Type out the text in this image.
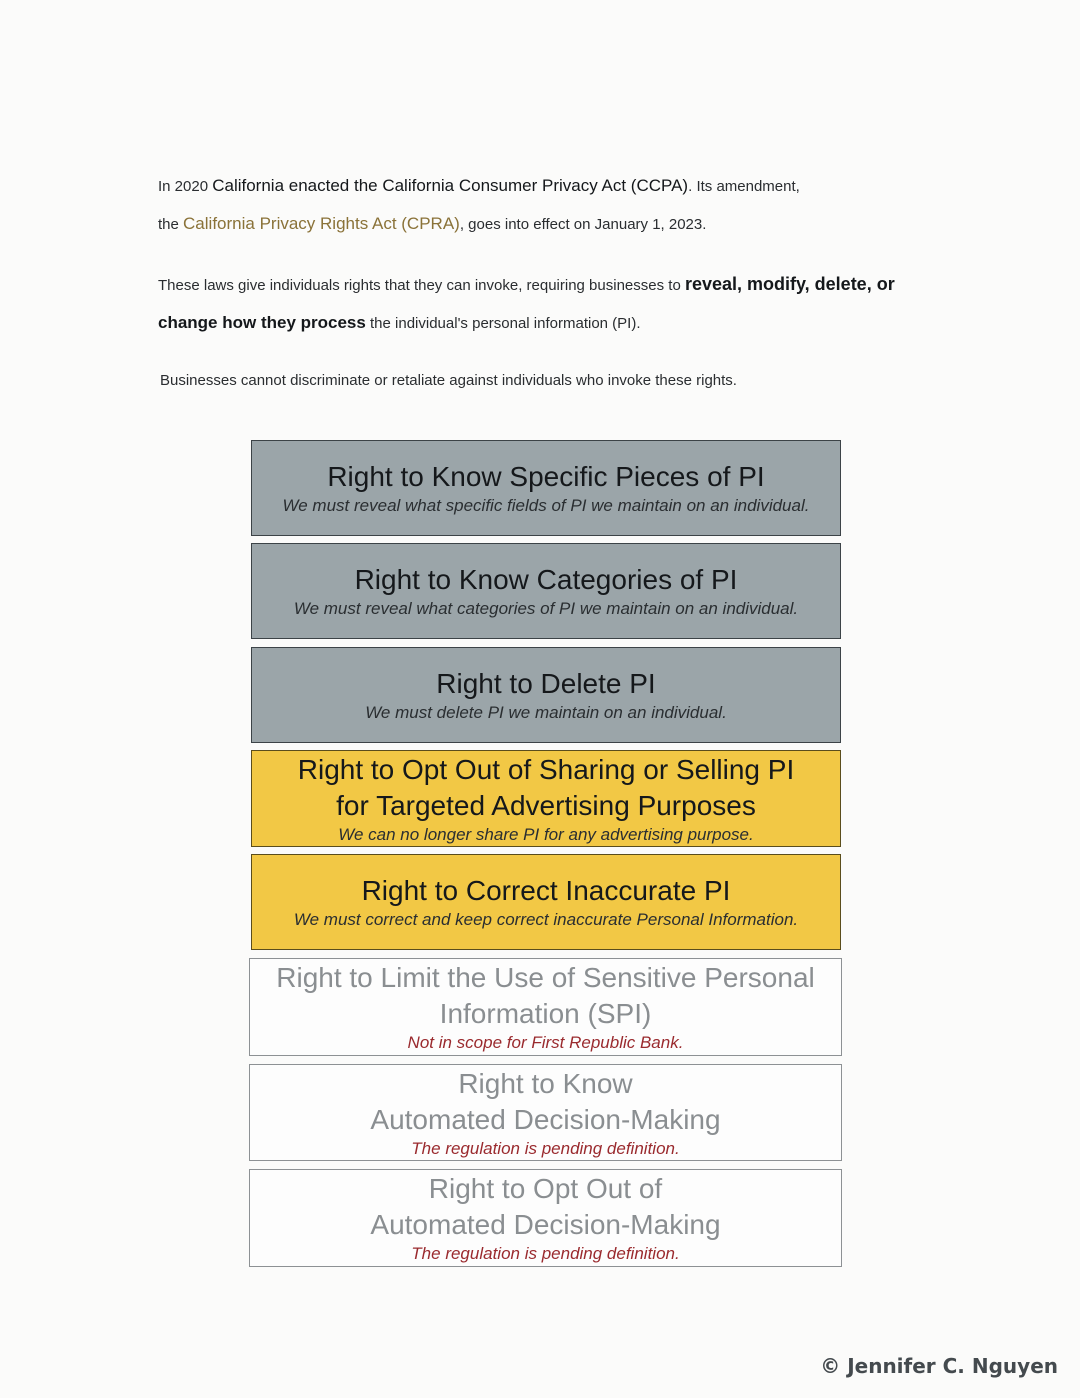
In 2020 California enacted the California Consumer Privacy Act (CCPA). Its amendment,
the California Privacy Rights Act (CPRA), goes into effect on January 1, 2023.
These laws give individuals rights that they can invoke, requiring businesses to reveal, modify, delete, or
change how they process the individual's personal information (PI).
Businesses cannot discriminate or retaliate against individuals who invoke these rights.
Right to Know Specific Pieces of PI
We must reveal what specific fields of PI we maintain on an individual.
Right to Know Categories of PI
We must reveal what categories of PI we maintain on an individual.
Right to Delete PI
We must delete PI we maintain on an individual.
Right to Opt Out of Sharing or Selling PI
for Targeted Advertising Purposes
We can no longer share PI for any advertising purpose.
Right to Correct Inaccurate PI
We must correct and keep correct inaccurate Personal Information.
Right to Limit the Use of Sensitive Personal
Information (SPI)
Not in scope for First Republic Bank.
Right to Know
Automated Decision-Making
The regulation is pending definition.
Right to Opt Out of
Automated Decision-Making
The regulation is pending definition.
© Jennifer C. Nguyen
